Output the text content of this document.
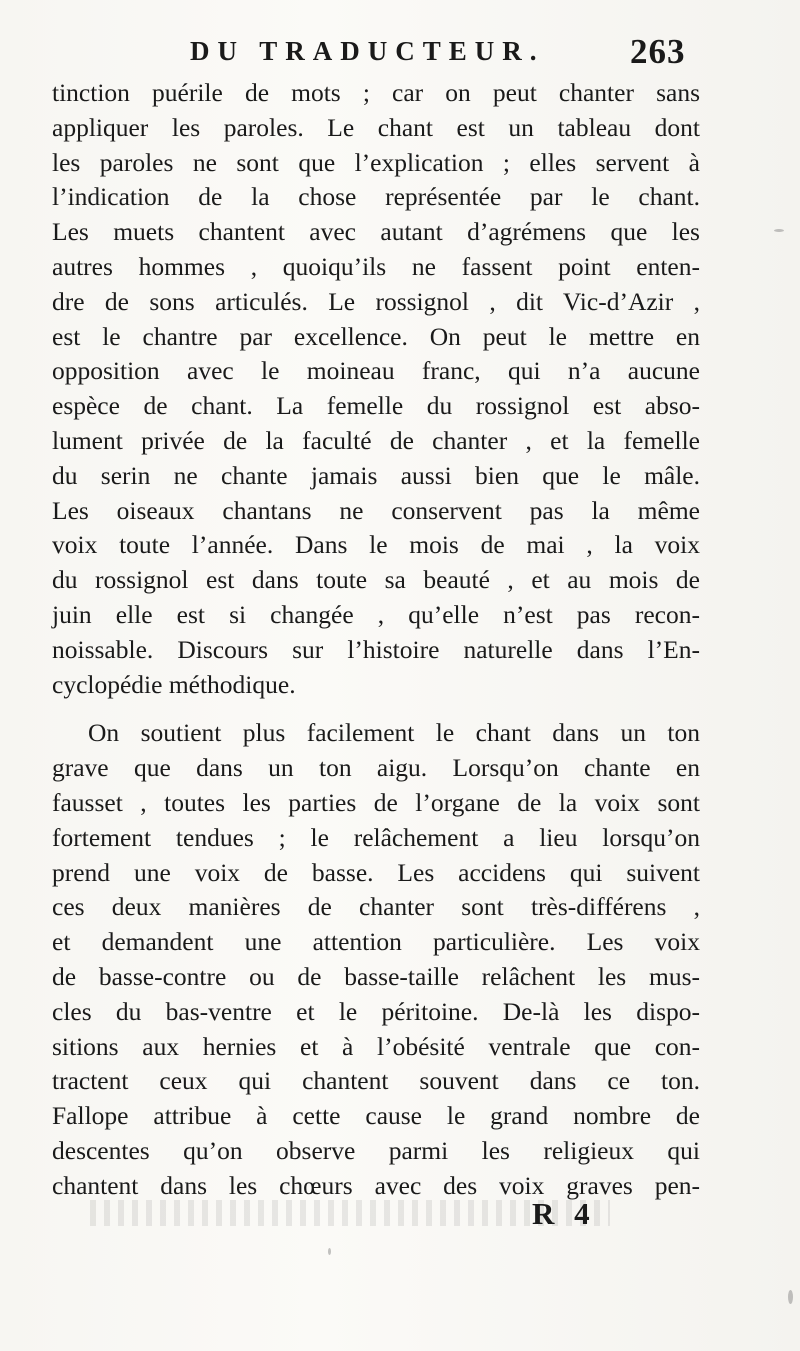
DU TRADUCTEUR. 263
tinction puérile de mots ; car on peut chanter sans
appliquer les paroles. Le chant est un tableau dont
les paroles ne sont que l’explication ; elles servent à
l’indication de la chose représentée par le chant.
Les muets chantent avec autant d’agrémens que les
autres hommes , quoiqu’ils ne fassent point enten-
dre de sons articulés. Le rossignol , dit Vic-d’Azir ,
est le chantre par excellence. On peut le mettre en
opposition avec le moineau franc, qui n’a aucune
espèce de chant. La femelle du rossignol est abso-
lument privée de la faculté de chanter , et la femelle
du serin ne chante jamais aussi bien que le mâle.
Les oiseaux chantans ne conservent pas la même
voix toute l’année. Dans le mois de mai , la voix
du rossignol est dans toute sa beauté , et au mois de
juin elle est si changée , qu’elle n’est pas recon-
noissable. Discours sur l’histoire naturelle dans l’En-
cyclopédie méthodique.
On soutient plus facilement le chant dans un ton
grave que dans un ton aigu. Lorsqu’on chante en
fausset , toutes les parties de l’organe de la voix sont
fortement tendues ; le relâchement a lieu lorsqu’on
prend une voix de basse. Les accidens qui suivent
ces deux manières de chanter sont très-différens ,
et demandent une attention particulière. Les voix
de basse-contre ou de basse-taille relâchent les mus-
cles du bas-ventre et le péritoine. De-là les dispo-
sitions aux hernies et à l’obésité ventrale que con-
tractent ceux qui chantent souvent dans ce ton.
Fallope attribue à cette cause le grand nombre de
descentes qu’on observe parmi les religieux qui
chantent dans les chœurs avec des voix graves pen-
R 4
